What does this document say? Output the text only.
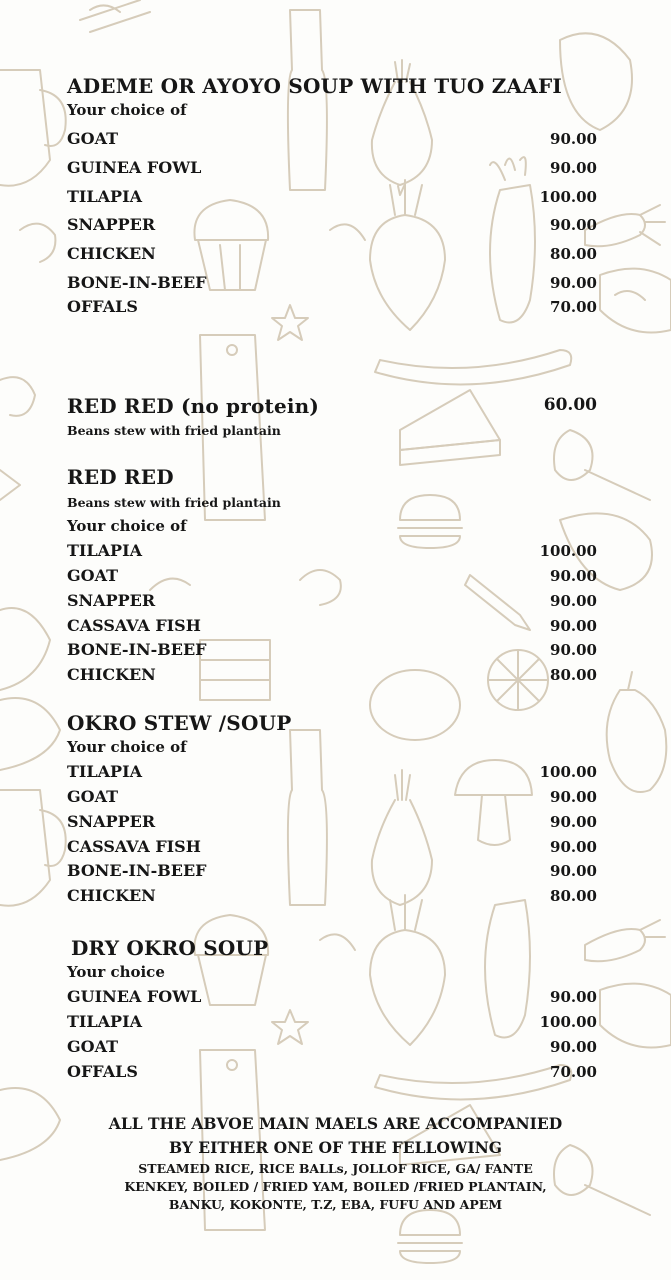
ADEME OR AYOYO SOUP WITH TUO ZAAFI
Your choice of
GOAT	90.00
GUINEA FOWL	90.00
TILAPIA	100.00
SNAPPER	90.00
CHICKEN	80.00
BONE-IN-BEEF	90.00
OFFALS	70.00
RED RED (no protein)	60.00
Beans stew with fried plantain
RED RED
Beans stew with fried plantain
Your choice of
TILAPIA	100.00
GOAT	90.00
SNAPPER	90.00
CASSAVA FISH	90.00
BONE-IN-BEEF	90.00
CHICKEN	80.00
OKRO STEW /SOUP
Your choice of
TILAPIA	100.00
GOAT	90.00
SNAPPER	90.00
CASSAVA FISH	90.00
BONE-IN-BEEF	90.00
CHICKEN	80.00
DRY OKRO SOUP
Your choice
GUINEA FOWL	90.00
TILAPIA	100.00
GOAT	90.00
OFFALS	70.00
ALL THE ABVOE MAIN MAELS ARE ACCOMPANIED
BY EITHER ONE OF THE FELLOWING
STEAMED RICE, RICE BALLs, JOLLOF RICE, GA/ FANTE
KENKEY, BOILED / FRIED YAM, BOILED /FRIED PLANTAIN,
BANKU, KOKONTE, T.Z, EBA, FUFU AND APEM
